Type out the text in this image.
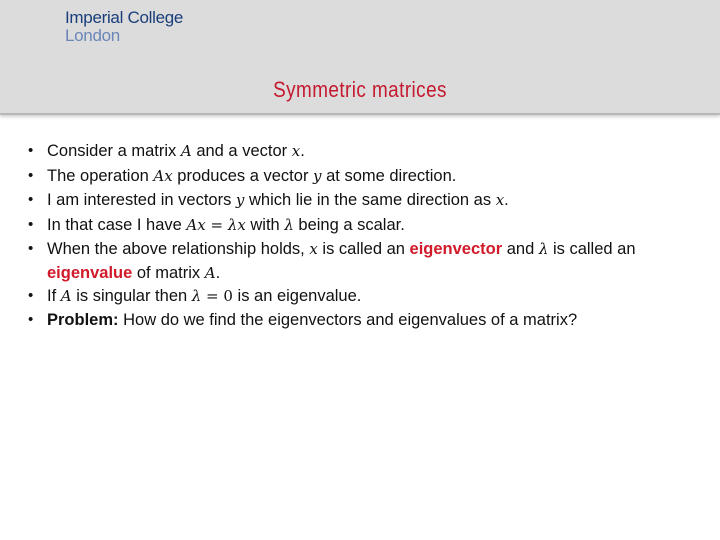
Imperial College
London
Symmetric matrices
• Consider a matrix A and a vector x.
• The operation Ax produces a vector y at some direction.
• I am interested in vectors y which lie in the same direction as x.
• In that case I have Ax = λx with λ being a scalar.
• When the above relationship holds, x is called an eigenvector and λ is called an
eigenvalue of matrix A.
• If A is singular then λ = 0 is an eigenvalue.
• Problem: How do we find the eigenvectors and eigenvalues of a matrix?
